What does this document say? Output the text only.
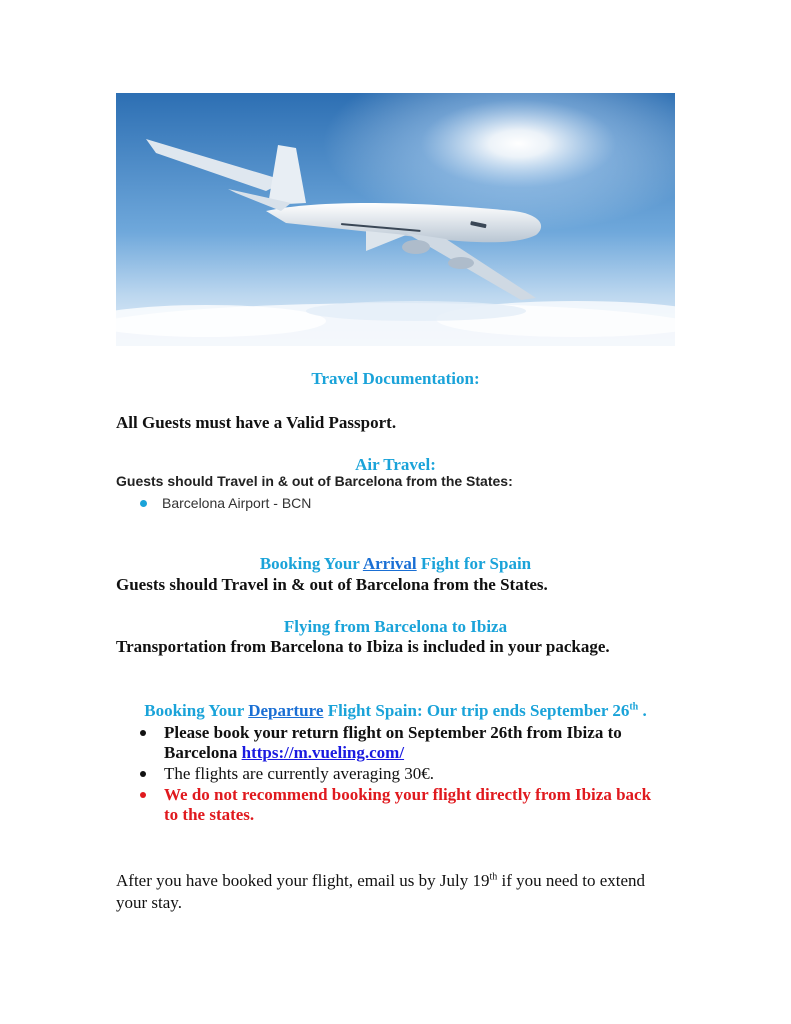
Travel Documentation:

All Guests must have a Valid Passport.

Air Travel:

Guests should Travel in & out of Barcelona from the States:

Barcelona Airport - BCN
Booking Your Arrival Fight for Spain

Guests should Travel in & out of Barcelona from the States.

Flying from Barcelona to Ibiza

Transportation from Barcelona to Ibiza is included in your package.

Booking Your Departure Flight Spain: Our trip ends September 26th .
Please book your return flight on September 26th from Ibiza to Barcelona https://m.vueling.com/
The flights are currently averaging 30€.
We do not recommend booking your flight directly from Ibiza back to the states.

After you have booked your flight, email us by July 19th if you need to extend your stay.
